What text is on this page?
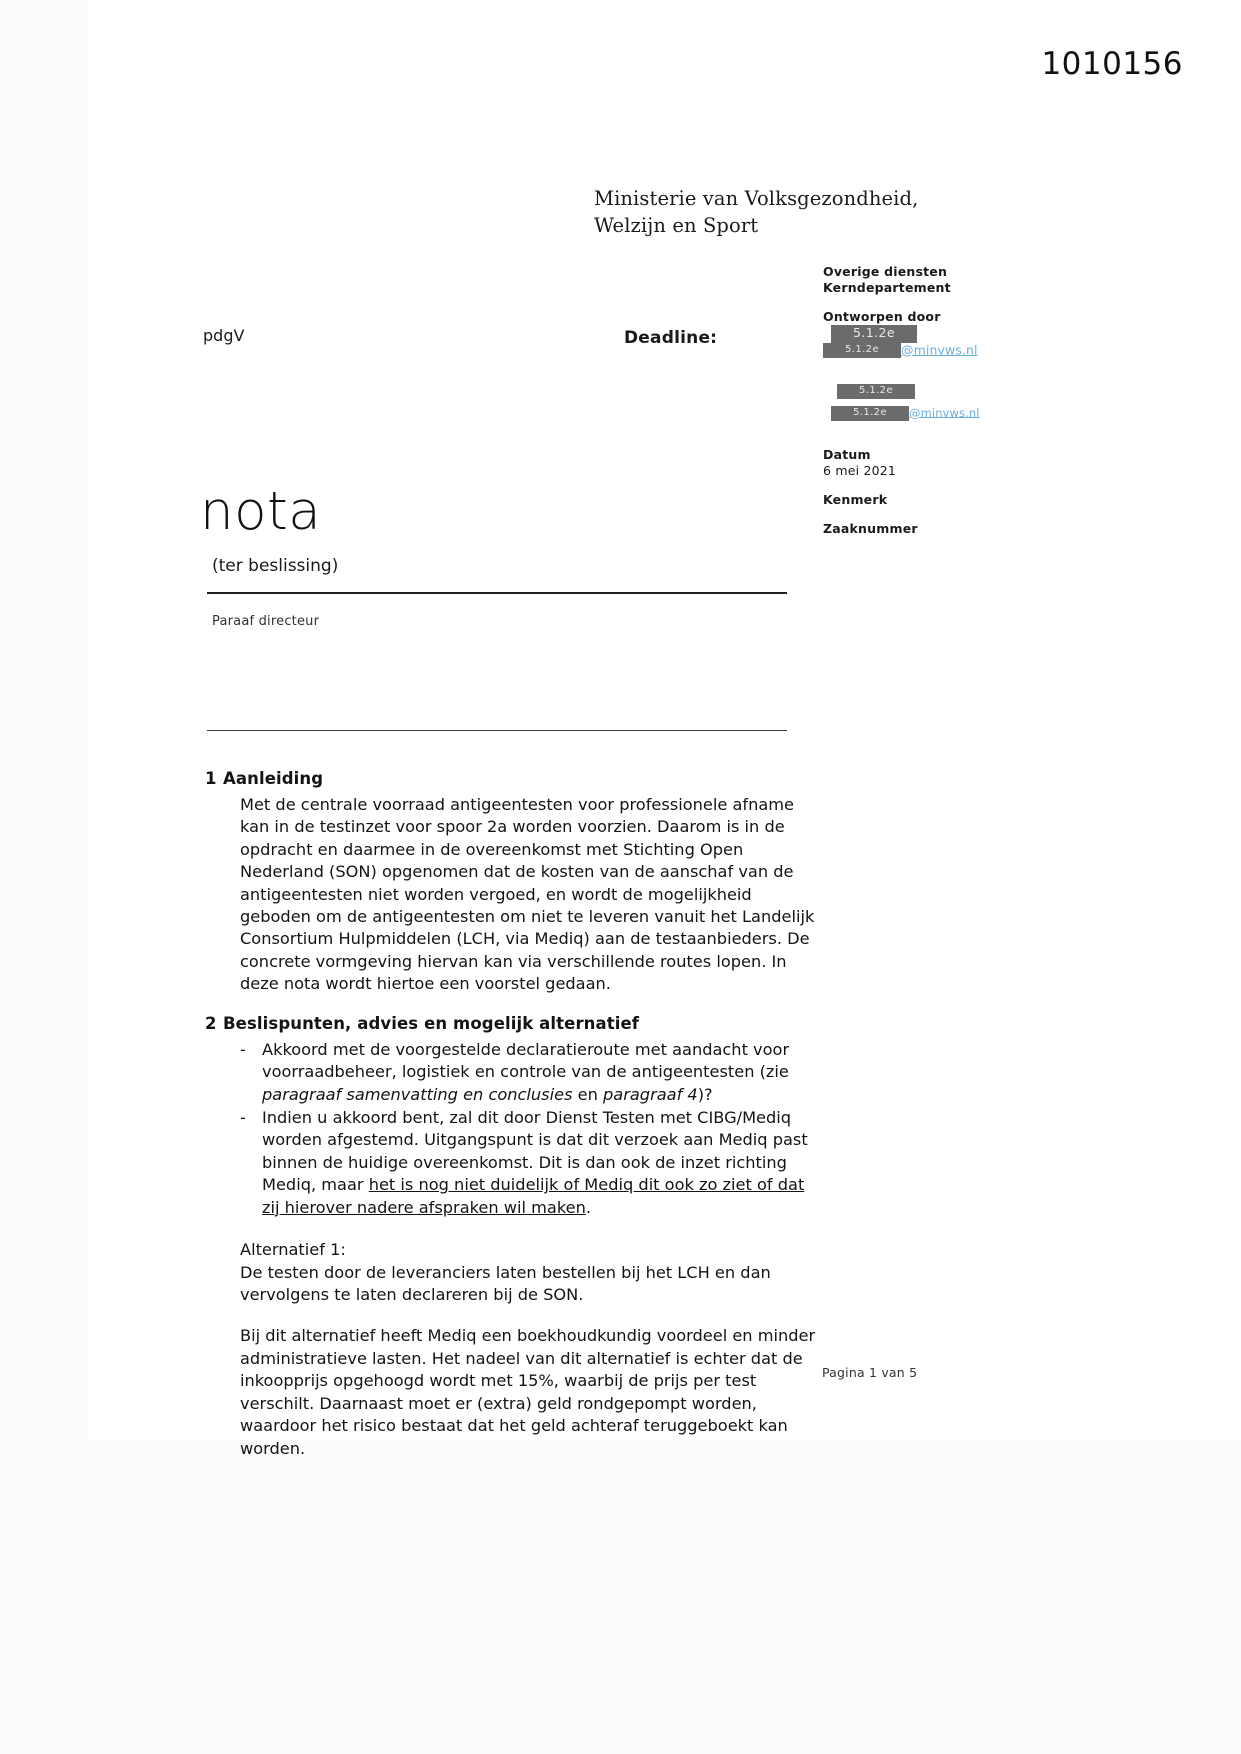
1010156
Ministerie van Volksgezondheid,
Welzijn en Sport
Overige diensten
Kerndepartement
Ontworpen door
5.1.2e
5.1.2e @minvws.nl
5.1.2e
5.1.2e @minvws.nl
Datum
6 mei 2021
Kenmerk
Zaaknummer
pdgV	Deadline:
nota
(ter beslissing)
Paraaf directeur
1 Aanleiding

Met de centrale voorraad antigeentesten voor professionele afname kan in de testinzet voor spoor 2a worden voorzien. Daarom is in de opdracht en daarmee in de overeenkomst met Stichting Open Nederland (SON) opgenomen dat de kosten van de aanschaf van de antigeentesten niet worden vergoed, en wordt de mogelijkheid geboden om de antigeentesten om niet te leveren vanuit het Landelijk Consortium Hulpmiddelen (LCH, via Mediq) aan de testaanbieders. De concrete vormgeving hiervan kan via verschillende routes lopen. In deze nota wordt hiertoe een voorstel gedaan.

2 Beslispunten, advies en mogelijk alternatief
- Akkoord met de voorgestelde declaratieroute met aandacht voor voorraadbeheer, logistiek en controle van de antigeentesten (zie paragraaf samenvatting en conclusies en paragraaf 4)?
- Indien u akkoord bent, zal dit door Dienst Testen met CIBG/Mediq worden afgestemd. Uitgangspunt is dat dit verzoek aan Mediq past binnen de huidige overeenkomst. Dit is dan ook de inzet richting Mediq, maar het is nog niet duidelijk of Mediq dit ook zo ziet of dat zij hierover nadere afspraken wil maken.

Alternatief 1:

De testen door de leveranciers laten bestellen bij het LCH en dan vervolgens te laten declareren bij de SON.

Bij dit alternatief heeft Mediq een boekhoudkundig voordeel en minder administratieve lasten. Het nadeel van dit alternatief is echter dat de inkoopprijs opgehoogd wordt met 15%, waarbij de prijs per test verschilt. Daarnaast moet er (extra) geld rondgepompt worden, waardoor het risico bestaat dat het geld achteraf teruggeboekt kan worden.

Pagina 1 van 5
